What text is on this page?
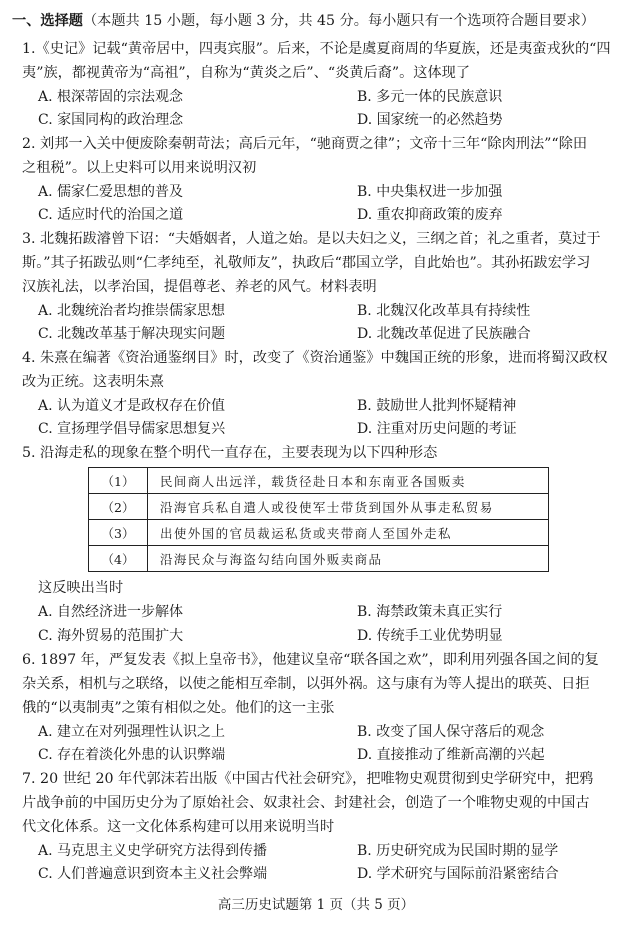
一、选择题（本题共 15 小题，每小题 3 分，共 45 分。每小题只有一个选项符合题目要求）
1.《史记》记载“黄帝居中，四夷宾服”。后来，不论是虞夏商周的华夏族，还是夷蛮戎狄的“四
夷”族，都视黄帝为“高祖”，自称为“黄炎之后”、“炎黄后裔”。这体现了
A. 根深蒂固的宗法观念	B. 多元一体的民族意识
C. 家国同构的政治理念	D. 国家统一的必然趋势
2. 刘邦一入关中便废除秦朝苛法；高后元年，“驰商贾之律”；文帝十三年“除肉刑法”“除田
之租税”。以上史料可以用来说明汉初
A. 儒家仁爱思想的普及	B. 中央集权进一步加强
C. 适应时代的治国之道	D. 重农抑商政策的废弃
3. 北魏拓跋濬曾下诏：“夫婚姻者，人道之始。是以夫妇之义，三纲之首；礼之重者，莫过于
斯。”其子拓跋弘则“仁孝纯至，礼敬师友”，执政后“郡国立学，自此始也”。其孙拓跋宏学习
汉族礼法，以孝治国，提倡尊老、养老的风气。材料表明
A. 北魏统治者均推崇儒家思想	B. 北魏汉化改革具有持续性
C. 北魏改革基于解决现实问题	D. 北魏改革促进了民族融合
4. 朱熹在编著《资治通鉴纲目》时，改变了《资治通鉴》中魏国正统的形象，进而将蜀汉政权
改为正统。这表明朱熹
A. 认为道义才是政权存在价值	B. 鼓励世人批判怀疑精神
C. 宣扬理学倡导儒家思想复兴	D. 注重对历史问题的考证
5. 沿海走私的现象在整个明代一直存在，主要表现为以下四种形态
（1）	民间商人出远洋，载货径赴日本和东南亚各国贩卖
（2）	沿海官兵私自遣人或役使军士带货到国外从事走私贸易
（3）	出使外国的官员裁运私货或夹带商人至国外走私
（4）	沿海民众与海盗勾结向国外贩卖商品
这反映出当时
A. 自然经济进一步解体	B. 海禁政策未真正实行
C. 海外贸易的范围扩大	D. 传统手工业优势明显
6. 1897 年，严复发表《拟上皇帝书》，他建议皇帝“联各国之欢”，即利用列强各国之间的复
杂关系，相机与之联络，以使之能相互牵制，以弭外祸。这与康有为等人提出的联英、日拒
俄的“以夷制夷”之策有相似之处。他们的这一主张
A. 建立在对列强理性认识之上	B. 改变了国人保守落后的观念
C. 存在着淡化外患的认识弊端	D. 直接推动了维新高潮的兴起
7. 20 世纪 20 年代郭沫若出版《中国古代社会研究》，把唯物史观贯彻到史学研究中，把鸦
片战争前的中国历史分为了原始社会、奴隶社会、封建社会，创造了一个唯物史观的中国古
代文化体系。这一文化体系构建可以用来说明当时
A. 马克思主义史学研究方法得到传播	B. 历史研究成为民国时期的显学
C. 人们普遍意识到资本主义社会弊端	D. 学术研究与国际前沿紧密结合
高三历史试题第 1 页（共 5 页）
